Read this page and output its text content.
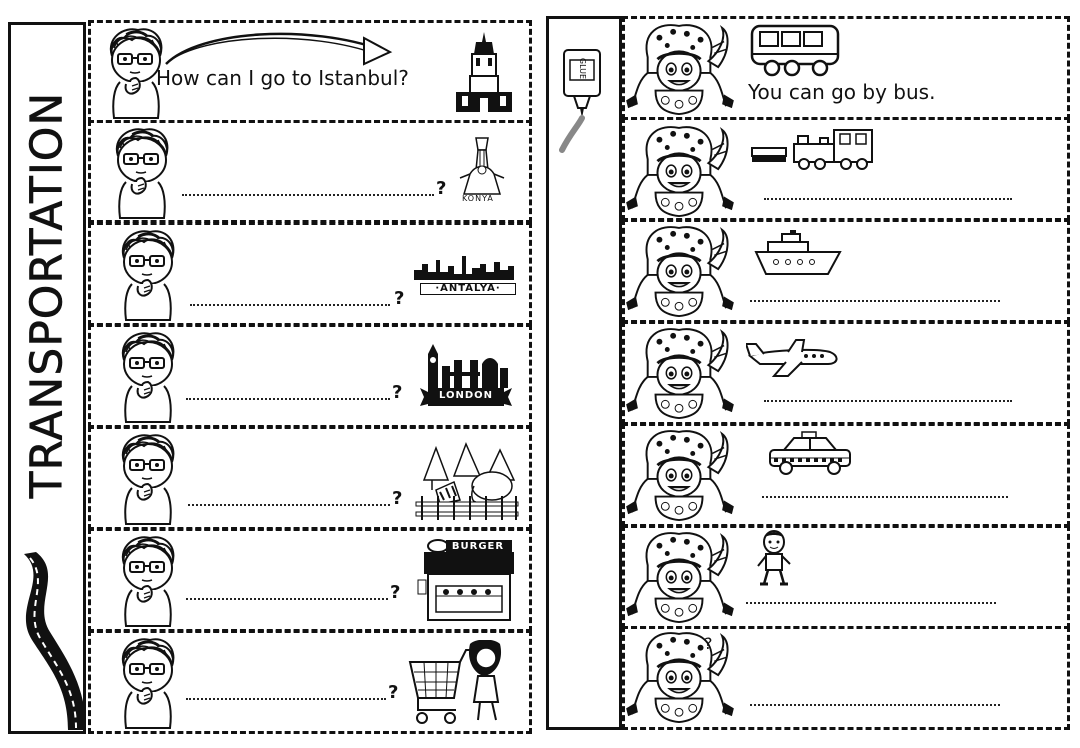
TRANSPORTATION
How can I go to Istanbul?
?
?
?
?
?
?
KONYA
·ANTALYA·
LONDON
BURGER
GLUE
?
You can go by bus.
